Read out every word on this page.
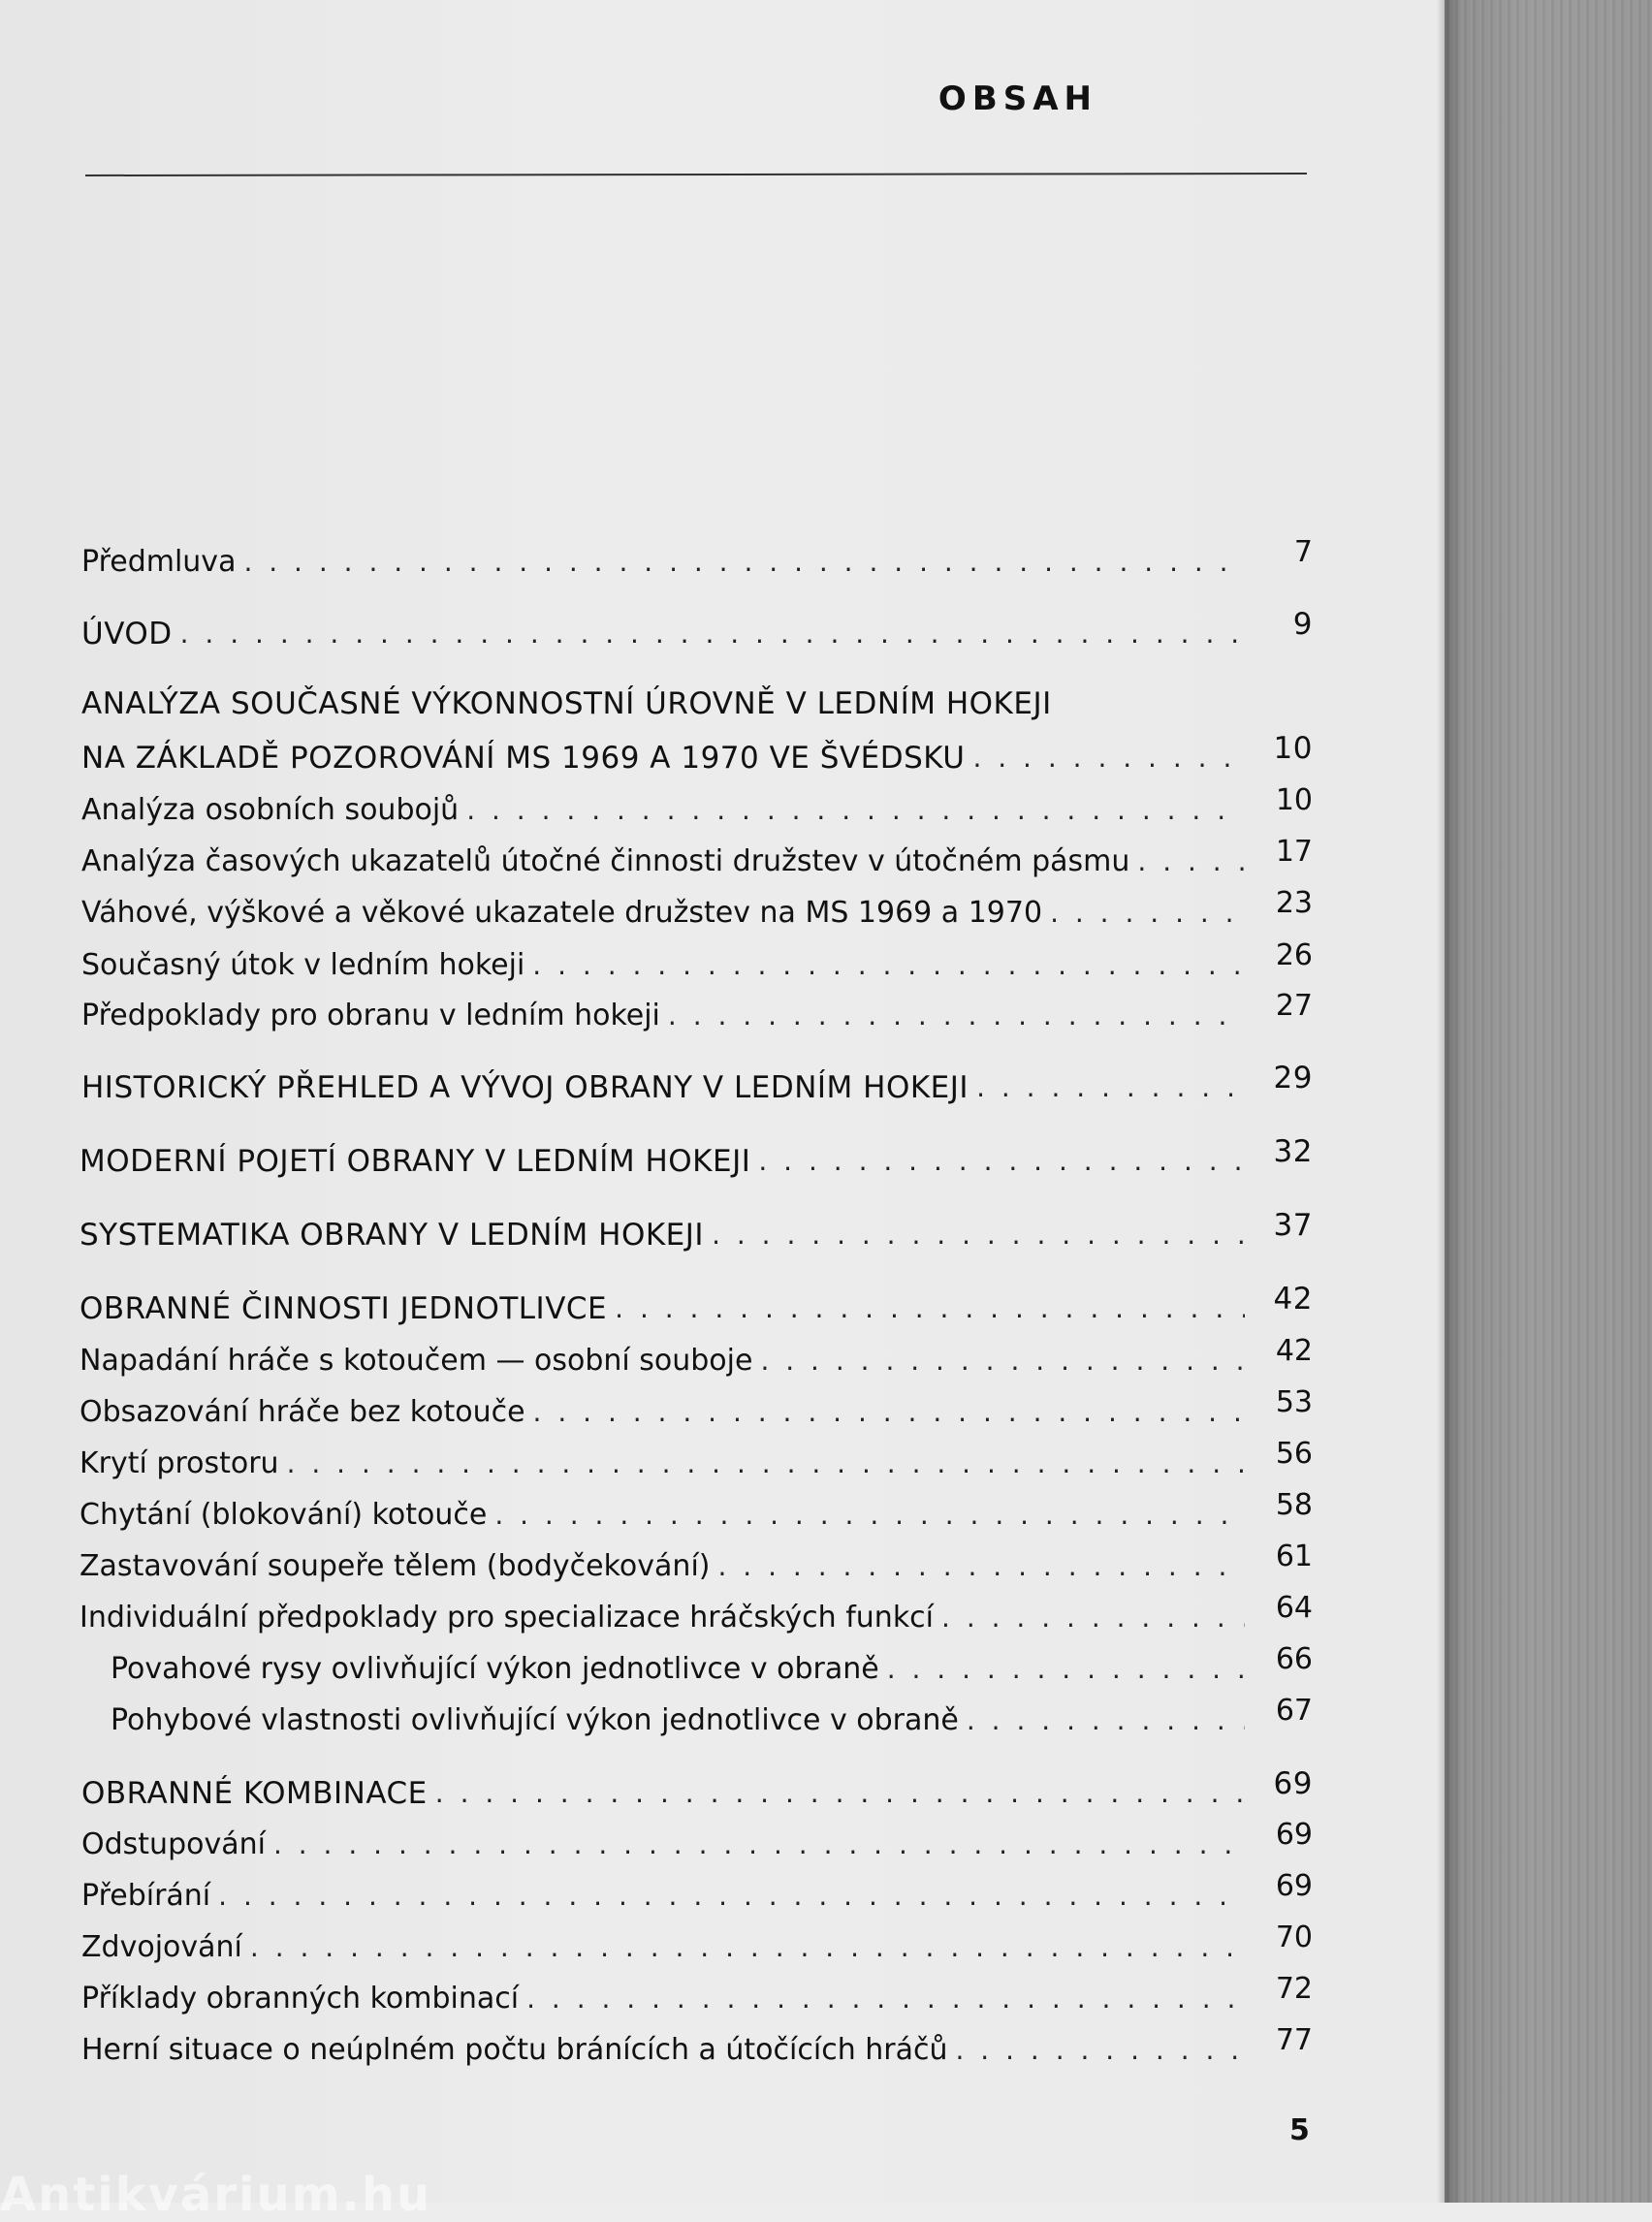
OBSAH
Předmluva . . .	7
ÚVOD . . .	9
ANALÝZA SOUČASNÉ VÝKONNOSTNÍ ÚROVNĚ V LEDNÍM HOKEJI
NA ZÁKLADĚ POZOROVÁNÍ MS 1969 A 1970 VE ŠVÉDSKU . . .	10
Analýza osobních soubojů . . .	10
Analýza časových ukazatelů útočné činnosti družstev v útočném pásmu . . .	17
Váhové, výškové a věkové ukazatele družstev na MS 1969 a 1970 . . .	23
Současný útok v ledním hokeji . . .	26
Předpoklady pro obranu v ledním hokeji . . .	27
HISTORICKÝ PŘEHLED A VÝVOJ OBRANY V LEDNÍM HOKEJI . . .	29
MODERNÍ POJETÍ OBRANY V LEDNÍM HOKEJI . . .	32
SYSTEMATIKA OBRANY V LEDNÍM HOKEJI . . .	37
OBRANNÉ ČINNOSTI JEDNOTLIVCE . . .	42
Napadání hráče s kotoučem — osobní souboje . . .	42
Obsazování hráče bez kotouče . . .	53
Krytí prostoru . . .	56
Chytání (blokování) kotouče . . .	58
Zastavování soupeře tělem (bodyčekování) . . .	61
Individuální předpoklady pro specializace hráčských funkcí . . .	64
Povahové rysy ovlivňující výkon jednotlivce v obraně . . .	66
Pohybové vlastnosti ovlivňující výkon jednotlivce v obraně . . .	67
OBRANNÉ KOMBINACE . . .	69
Odstupování . . .	69
Přebírání . . .	69
Zdvojování . . .	70
Příklady obranných kombinací . . .	72
Herní situace o neúplném počtu bránících a útočících hráčů . . .	77
5
Antikvárium.hu
